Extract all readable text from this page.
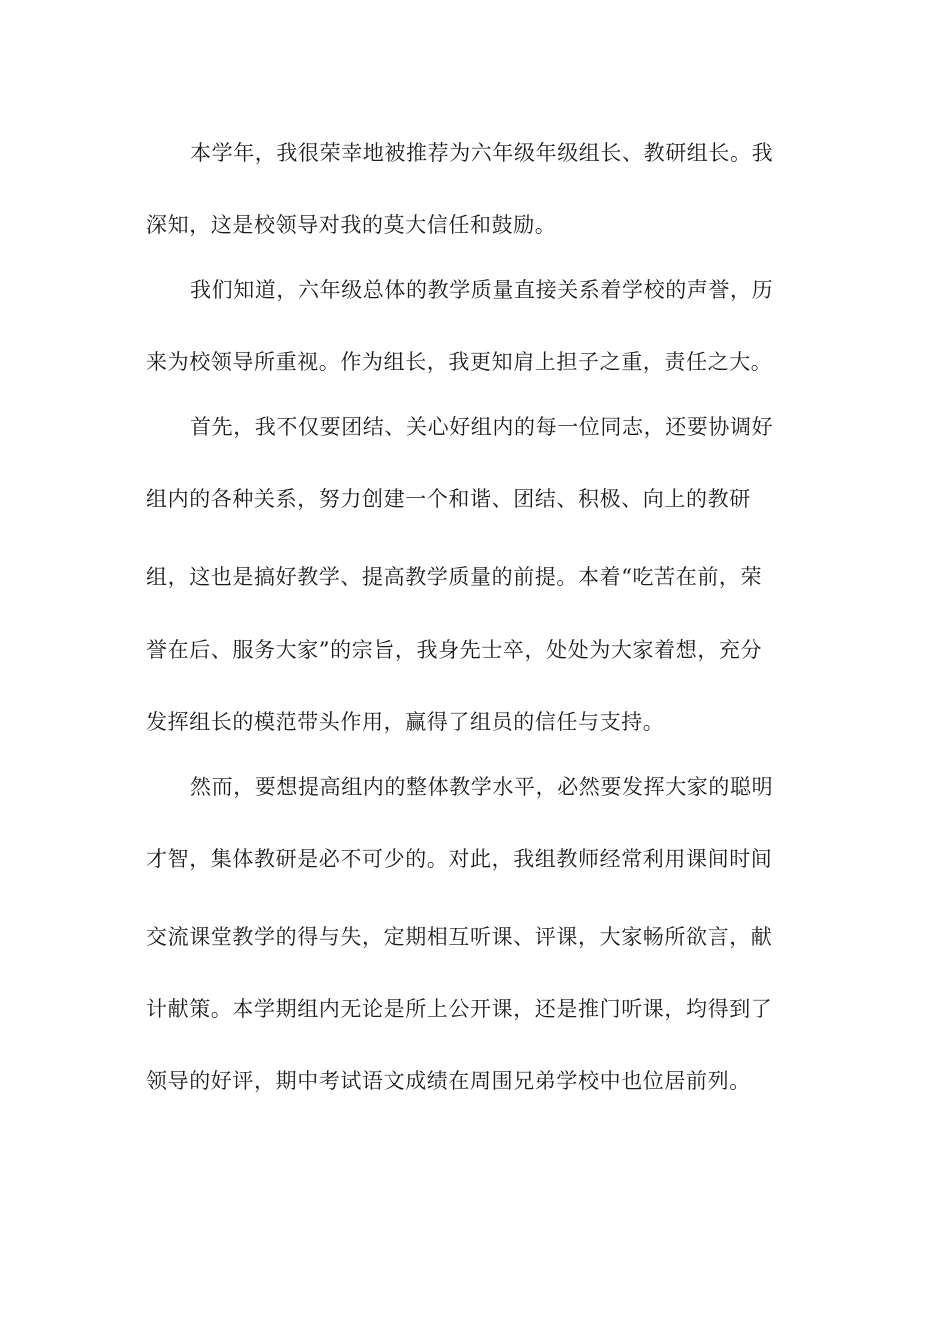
本学年，我很荣幸地被推荐为六年级年级组长、教研组长。我
深知，这是校领导对我的莫大信任和鼓励。
我们知道，六年级总体的教学质量直接关系着学校的声誉，历
来为校领导所重视。作为组长，我更知肩上担子之重，责任之大。
首先，我不仅要团结、关心好组内的每一位同志，还要协调好
组内的各种关系，努力创建一个和谐、团结、积极、向上的教研
组，这也是搞好教学、提高教学质量的前提。本着“吃苦在前，荣
誉在后、服务大家”的宗旨，我身先士卒，处处为大家着想，充分
发挥组长的模范带头作用，赢得了组员的信任与支持。
然而，要想提高组内的整体教学水平，必然要发挥大家的聪明
才智，集体教研是必不可少的。对此，我组教师经常利用课间时间
交流课堂教学的得与失，定期相互听课、评课，大家畅所欲言，献
计献策。本学期组内无论是所上公开课，还是推门听课，均得到了
领导的好评，期中考试语文成绩在周围兄弟学校中也位居前列。
